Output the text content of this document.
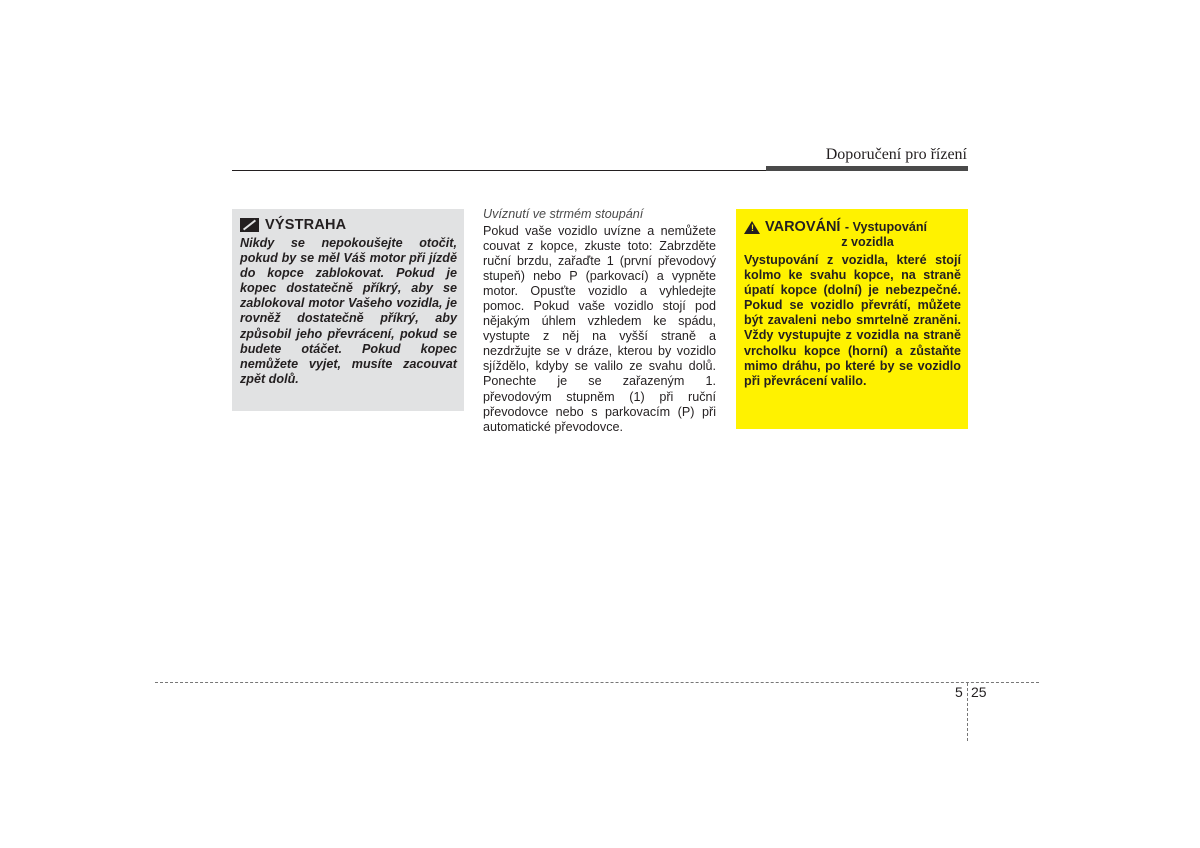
Doporučení pro řízení
VÝSTRAHA

Nikdy se nepokoušejte otočit, pokud by se měl Váš motor při jízdě do kopce zablokovat. Pokud je kopec dostatečně příkrý, aby se zablokoval motor Vašeho vozidla, je rovněž dostatečně příkrý, aby způsobil jeho převrácení, pokud se budete otáčet. Pokud kopec nemůžete vyjet, musíte zacouvat zpět dolů.

Uvíznutí ve strmém stoupání

Pokud vaše vozidlo uvízne a nemůžete couvat z kopce, zkuste toto: Zabrzděte ruční brzdu, zařaďte 1 (první převodový stupeň) nebo P (parkovací) a vypněte motor. Opusťte vozidlo a vyhledejte pomoc. Pokud vaše vozidlo stojí pod nějakým úhlem vzhledem ke spádu, vystupte z něj na vyšší straně a nezdržujte se v dráze, kterou by vozidlo sjíždělo, kdyby se valilo ze svahu dolů. Ponechte je se zařazeným 1. převodovým stupněm (1) při ruční převodovce nebo s parkovacím (P) při automatické převodovce.

! VAROVÁNÍ - Vystupování
z vozidla

Vystupování z vozidla, které stojí kolmo ke svahu kopce, na straně úpatí kopce (dolní) je nebezpečné. Pokud se vozidlo převrátí, můžete být zavaleni nebo smrtelně zraněni. Vždy vystupujte z vozidla na straně vrcholku kopce (horní) a zůstaňte mimo dráhu, po které by se vozidlo při převrácení valilo.

5 25
